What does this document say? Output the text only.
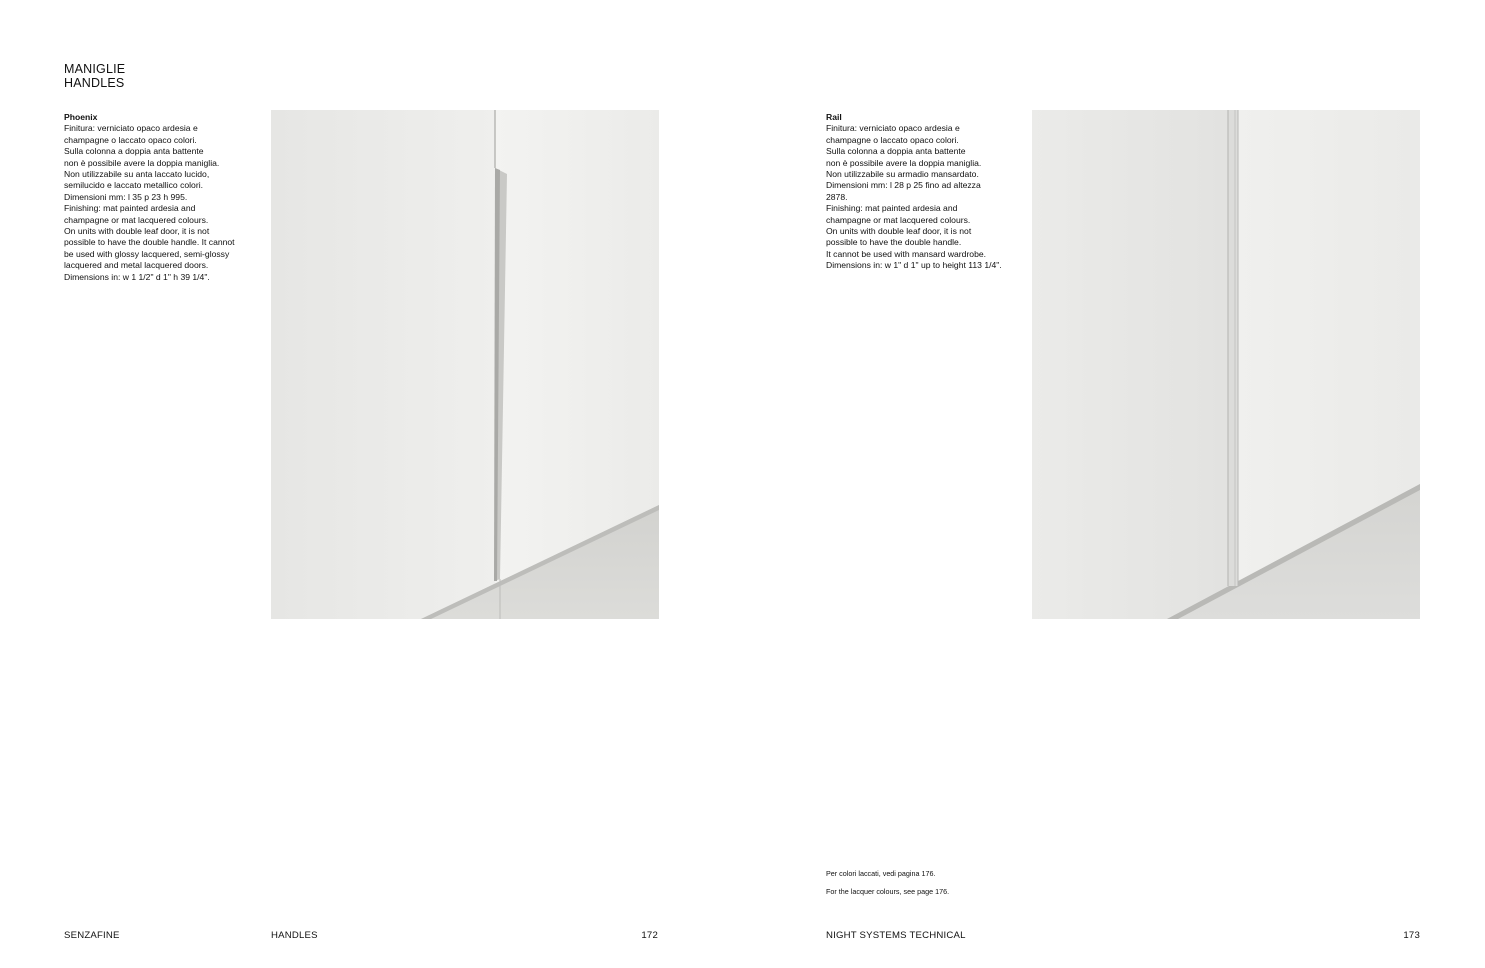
MANIGLIE
HANDLES
Phoenix
Finitura: verniciato opaco ardesia e
champagne o laccato opaco colori.
Sulla colonna a doppia anta battente
non è possibile avere la doppia maniglia.
Non utilizzabile su anta laccato lucido,
semilucido e laccato metallico colori.
Dimensioni mm: l 35 p 23 h 995.
Finishing: mat painted ardesia and
champagne or mat lacquered colours.
On units with double leaf door, it is not
possible to have the double handle. It cannot
be used with glossy lacquered, semi-glossy
lacquered and metal lacquered doors.
Dimensions in: w 1 1/2" d 1" h 39 1/4".
Rail
Finitura: verniciato opaco ardesia e
champagne o laccato opaco colori.
Sulla colonna a doppia anta battente
non è possibile avere la doppia maniglia.
Non utilizzabile su armadio mansardato.
Dimensioni mm: l 28 p 25 fino ad altezza
2878.
Finishing: mat painted ardesia and
champagne or mat lacquered colours.
On units with double leaf door, it is not
possible to have the double handle.
It cannot be used with mansard wardrobe.
Dimensions in: w 1" d 1" up to height 113 1/4".
Per colori laccati, vedi pagina 176.
For the lacquer colours, see page 176.
SENZAFINE	HANDLES	172	NIGHT SYSTEMS TECHNICAL	173
